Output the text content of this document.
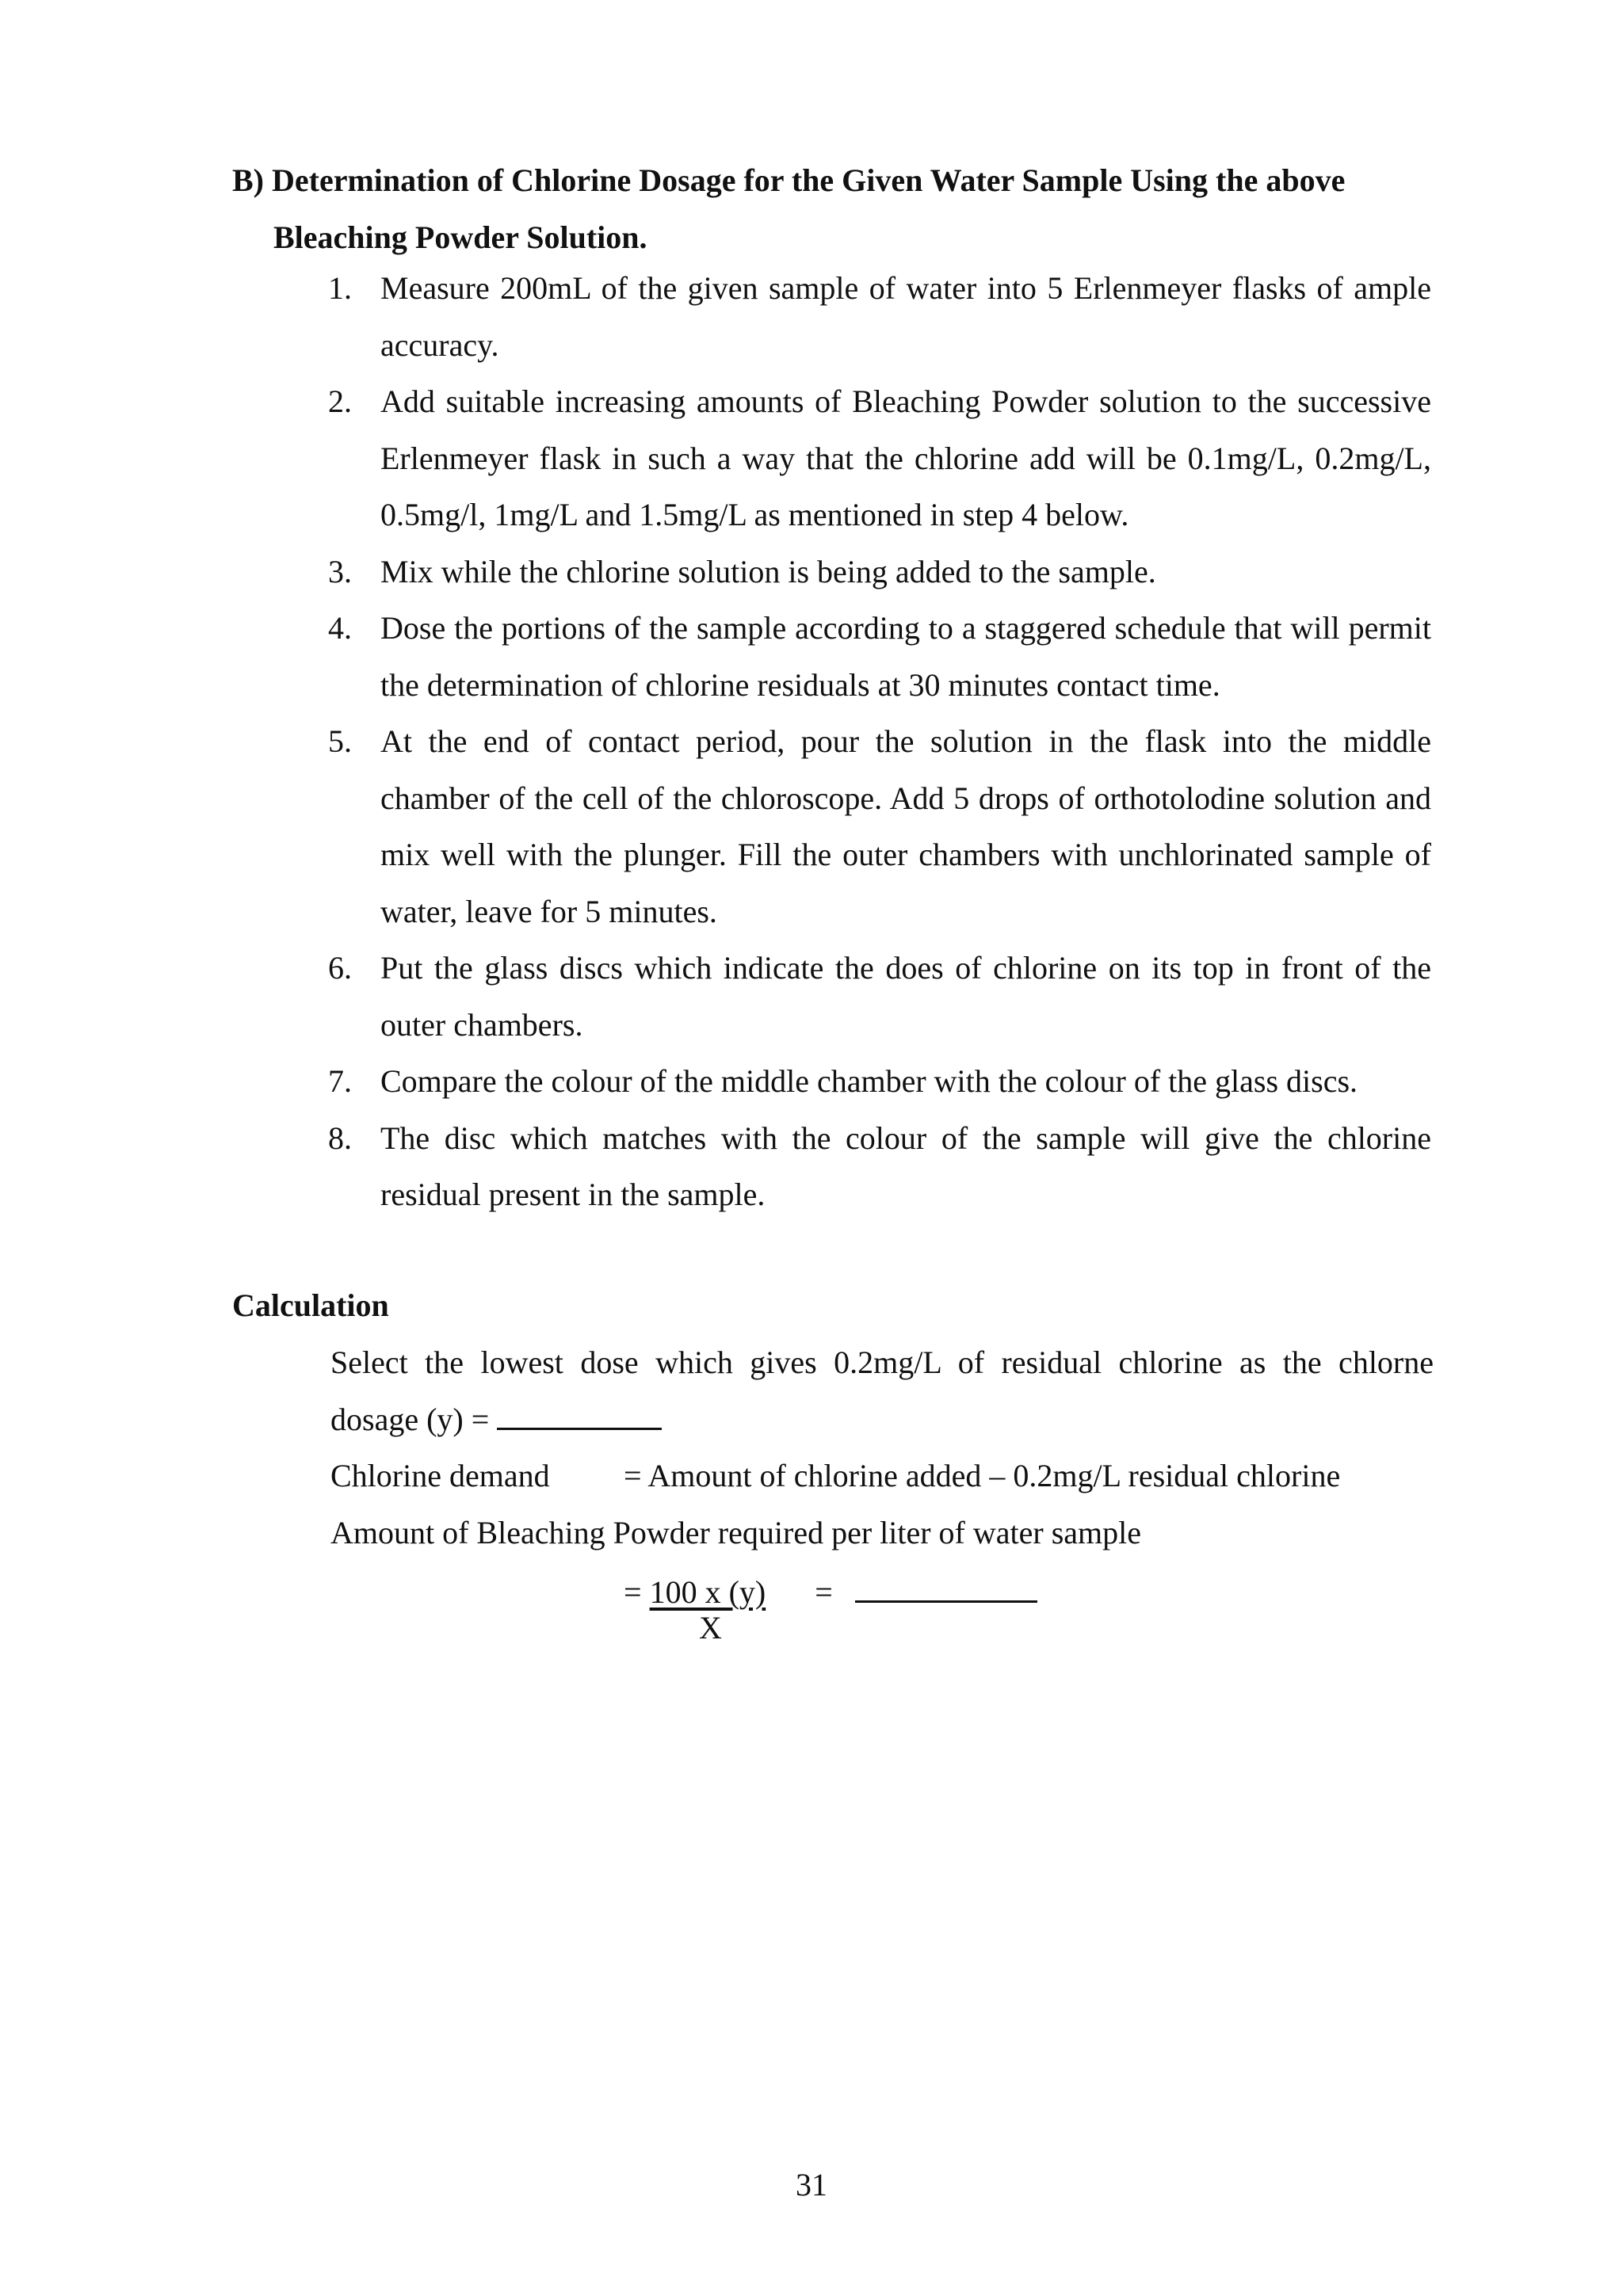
B) Determination of Chlorine Dosage for the Given Water Sample Using the above
Bleaching Powder Solution.
1. Measure 200mL of the given sample of water into 5 Erlenmeyer flasks of ample accuracy.
2. Add suitable increasing amounts of Bleaching Powder solution to the successive Erlenmeyer flask in such a way that the chlorine add will be 0.1mg/L, 0.2mg/L, 0.5mg/l, 1mg/L and 1.5mg/L as mentioned in step 4 below.
3. Mix while the chlorine solution is being added to the sample.
4. Dose the portions of the sample according to a staggered schedule that will permit the determination of chlorine residuals at 30 minutes contact time.
5. At the end of contact period, pour the solution in the flask into the middle chamber of the cell of the chloroscope. Add 5 drops of orthotolodine solution and mix well with the plunger. Fill the outer chambers with unchlorinated sample of water, leave for 5 minutes.
6. Put the glass discs which indicate the does of chlorine on its top in front of the outer chambers.
7. Compare the colour of the middle chamber with the colour of the glass discs.
8. The disc which matches with the colour of the sample will give the chlorine residual present in the sample.
Calculation
Select the lowest dose which gives 0.2mg/L of residual chlorine as the chlorne
dosage (y) =
Chlorine demand = Amount of chlorine added – 0.2mg/L residual chlorine
Amount of Bleaching Powder required per liter of water sample
= 100 x (y) =
X
31
